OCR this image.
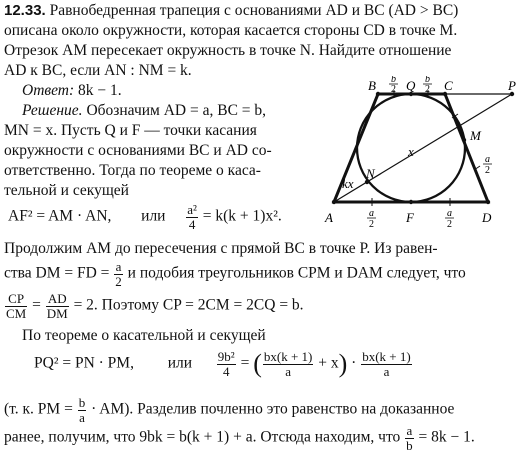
12.33. Равнобедренная трапеция с основаниями AD и BC (AD > BC)
описана около окружности, которая касается стороны CD в точке M.
Отрезок AM пересекает окружность в точке N. Найдите отношение
AD к BC, если AN : NM = k.
Ответ: 8k − 1.
Решение. Обозначим AD = a, BC = b,
MN = x. Пусть Q и F — точки касания
окружности с основаниями BC и AD со-
ответственно. Тогда по теореме о каса-
тельной и секущей
AF² = AM · AN, или $\frac{\text{a²}}{4} = k(k + 1)x^2$.
Продолжим AM до пересечения с прямой BC в точке P. Из равен-
ства DM = FD = $\frac{a}{2}$ и подобия треугольников CPM и DAM следует, что
$\frac{CP}{CM} = \frac{AD}{DM} = 2$. Поэтому CP = 2CM = 2CQ = b.
По теореме о касательной и секущей
PQ² = PN · PM, или $\frac{\text{9b²}}{4}$ = ( $\frac{bx(k + 1)}{a} + x) \cdot \frac{bx(k + 1)}{a}$
(т. к. PM = $\frac{b}{a} \cdot AM$). Разделив почленно это равенство на доказанное
ранее, получим, что 9bk = b(k + 1) + a. Отсюда находим, что $\frac{a}{b} = 8k - 1$.
A
B Q C	P
D
F
M
N
x
kx
b
2
b
2
a
2
a
2
a
2
